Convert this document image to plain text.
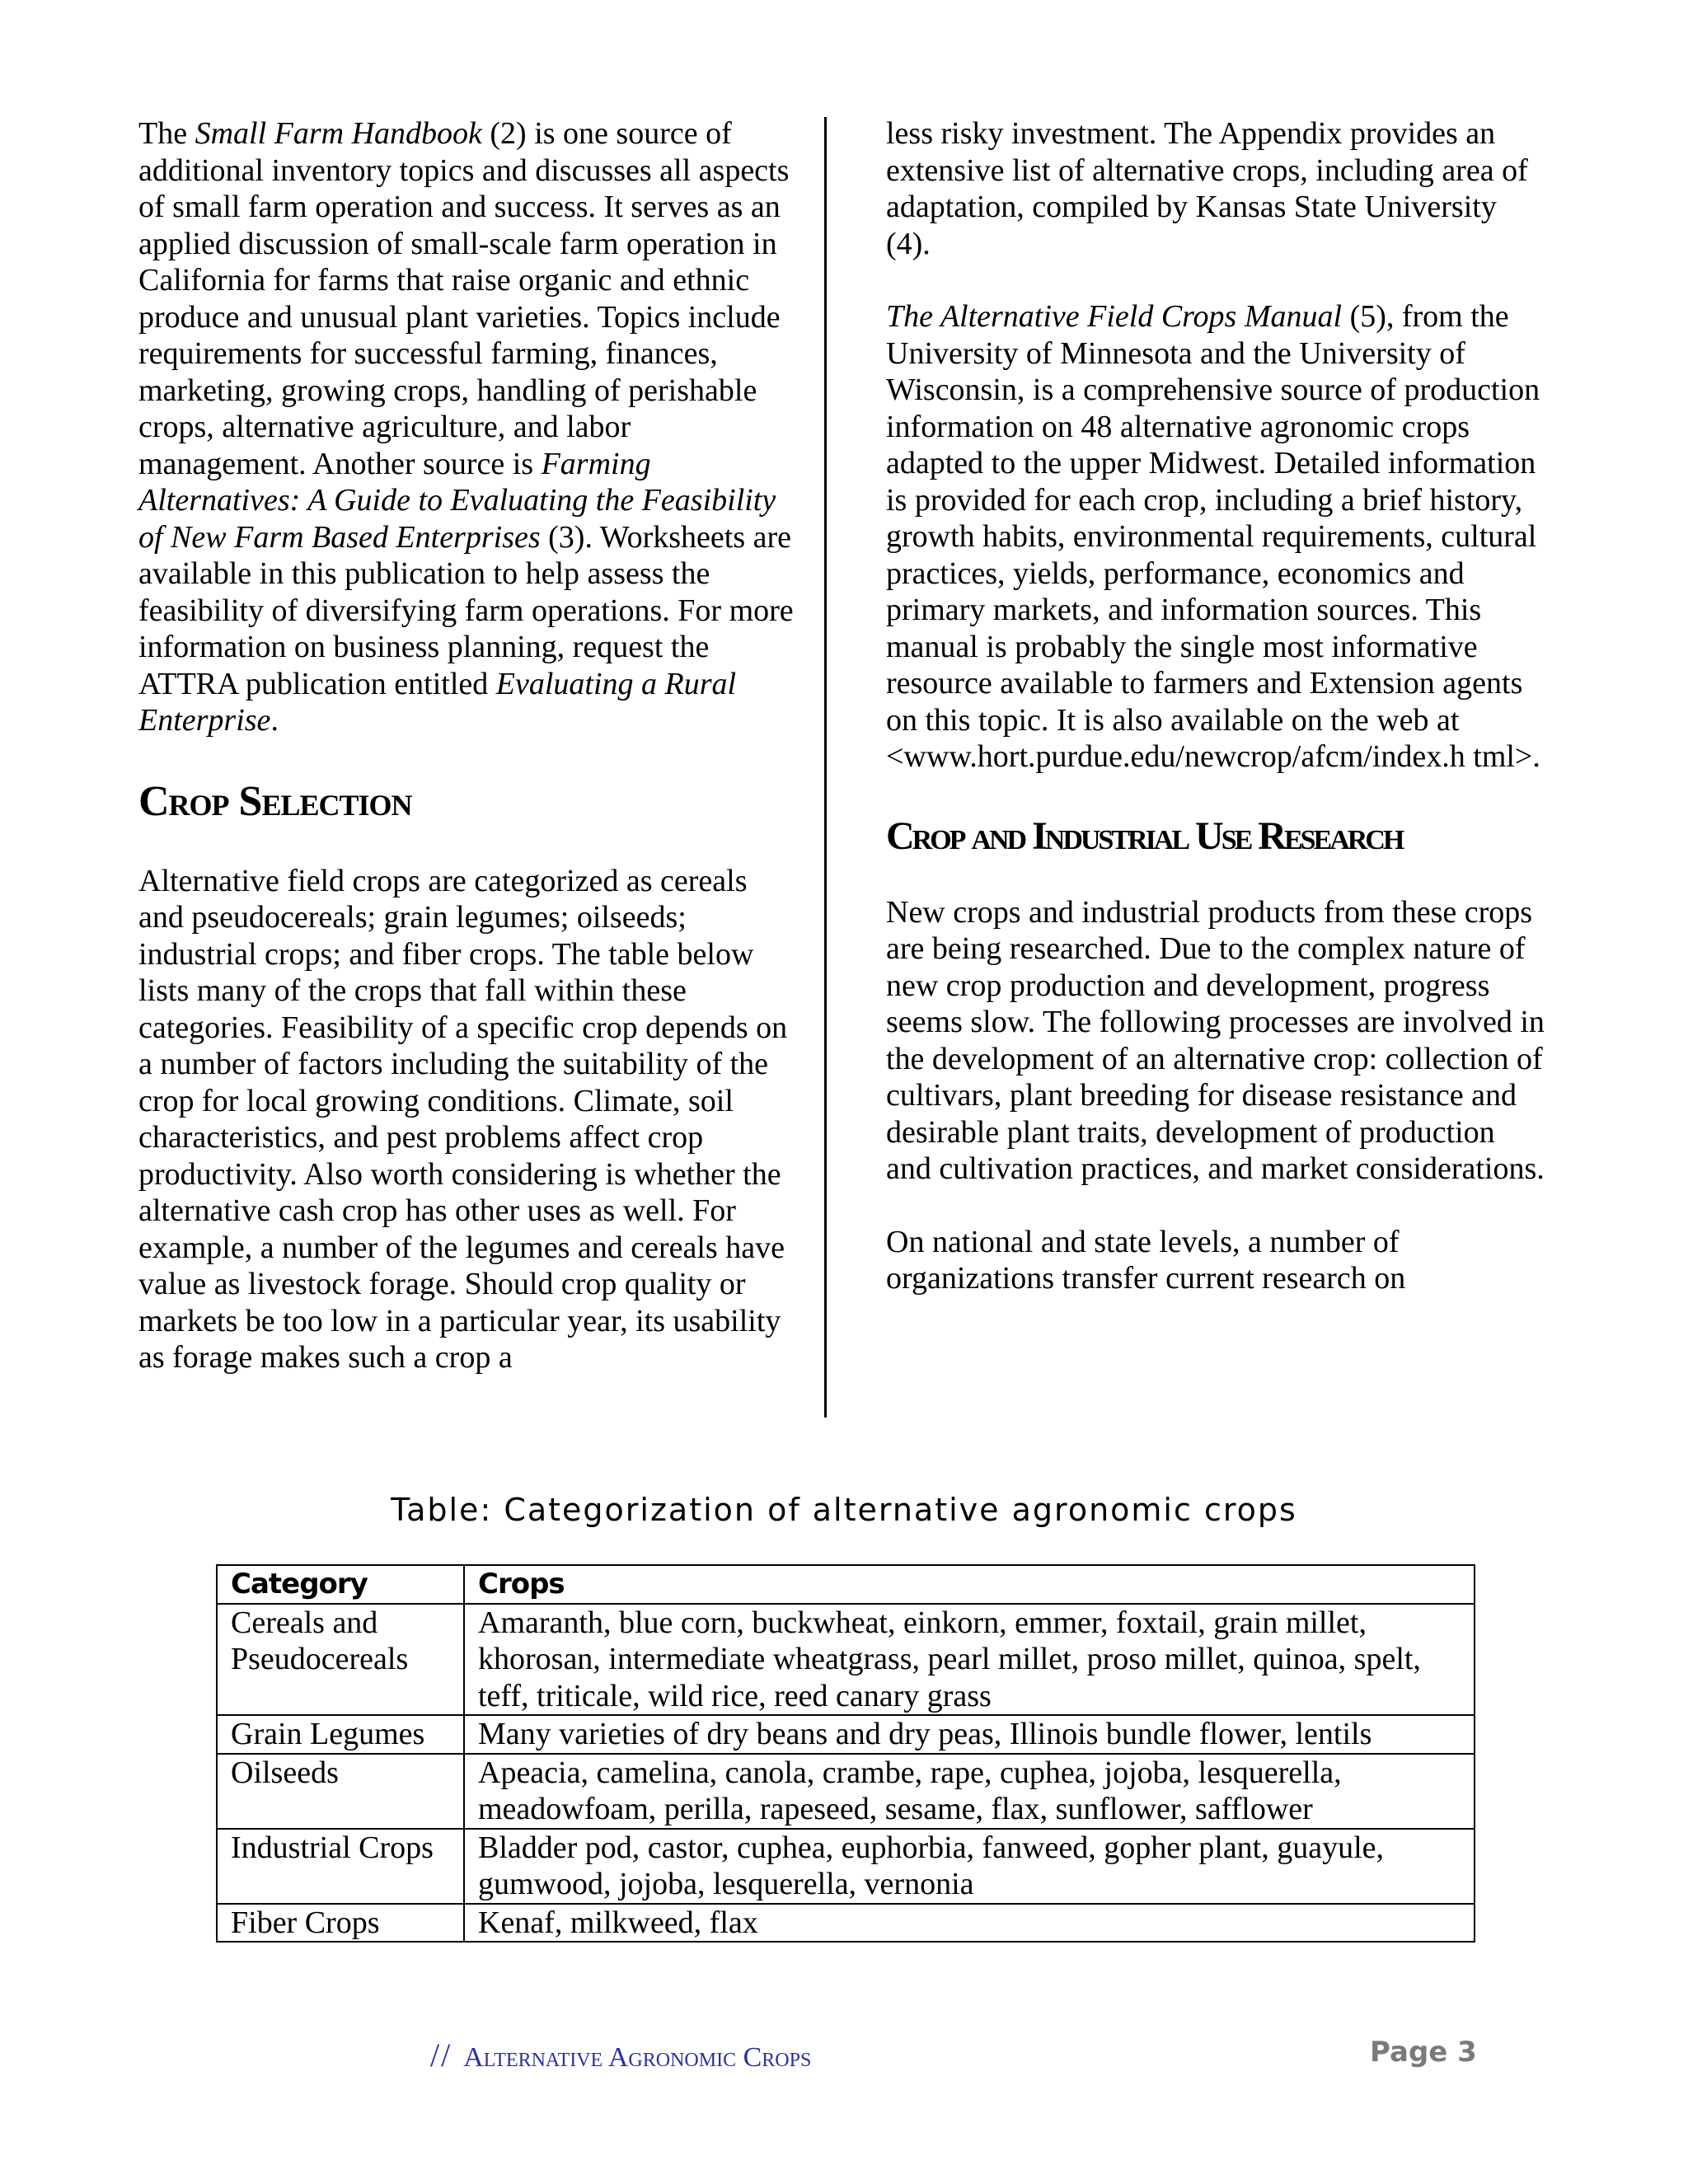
The Small Farm Handbook (2) is one source of additional inventory topics and discusses all aspects of small farm operation and success. It serves as an applied discussion of small-scale farm operation in California for farms that raise organic and ethnic produce and unusual plant varieties. Topics include requirements for successful farming, finances, marketing, growing crops, handling of perishable crops, alternative agriculture, and labor management. Another source is Farming Alternatives: A Guide to Evaluating the Feasibility of New Farm Based Enterprises (3). Worksheets are available in this publication to help assess the feasibility of diversifying farm operations. For more information on business planning, request the ATTRA publication entitled Evaluating a Rural Enterprise.

Crop Selection

Alternative field crops are categorized as cereals and pseudocereals; grain legumes; oilseeds; industrial crops; and fiber crops. The table below lists many of the crops that fall within these categories. Feasibility of a specific crop depends on a number of factors including the suitability of the crop for local growing conditions. Climate, soil characteristics, and pest problems affect crop productivity. Also worth considering is whether the alternative cash crop has other uses as well. For example, a number of the legumes and cereals have value as livestock forage. Should crop quality or markets be too low in a particular year, its usability as forage makes such a crop a

less risky investment. The Appendix provides an extensive list of alternative crops, including area of adaptation, compiled by Kansas State University (4).

The Alternative Field Crops Manual (5), from the University of Minnesota and the University of Wisconsin, is a comprehensive source of production information on 48 alternative agronomic crops adapted to the upper Midwest. Detailed information is provided for each crop, including a brief history, growth habits, environmental requirements, cultural practices, yields, performance, economics and primary markets, and information sources. This manual is probably the single most informative resource available to farmers and Extension agents on this topic. It is also available on the web at <www.hort.purdue.edu/newcrop/afcm/index.h tml>.

Crop and Industrial Use Research

New crops and industrial products from these crops are being researched. Due to the complex nature of new crop production and development, progress seems slow. The following processes are involved in the development of an alternative crop: collection of cultivars, plant breeding for disease resistance and desirable plant traits, development of production and cultivation practices, and market considerations.

On national and state levels, a number of organizations transfer current research on

Table: Categorization of alternative agronomic crops
Category	Crops
Cereals and Pseudocereals	Amaranth, blue corn, buckwheat, einkorn, emmer, foxtail, grain millet, khorosan, intermediate wheatgrass, pearl millet, proso millet, quinoa, spelt, teff, triticale, wild rice, reed canary grass
Grain Legumes	Many varieties of dry beans and dry peas, Illinois bundle flower, lentils
Oilseeds	Apeacia, camelina, canola, crambe, rape, cuphea, jojoba, lesquerella, meadowfoam, perilla, rapeseed, sesame, flax, sunflower, safflower
Industrial Crops	Bladder pod, castor, cuphea, euphorbia, fanweed, gopher plant, guayule, gumwood, jojoba, lesquerella, vernonia
Fiber Crops	Kenaf, milkweed, flax
// Alternative Agronomic Crops	Page 3
